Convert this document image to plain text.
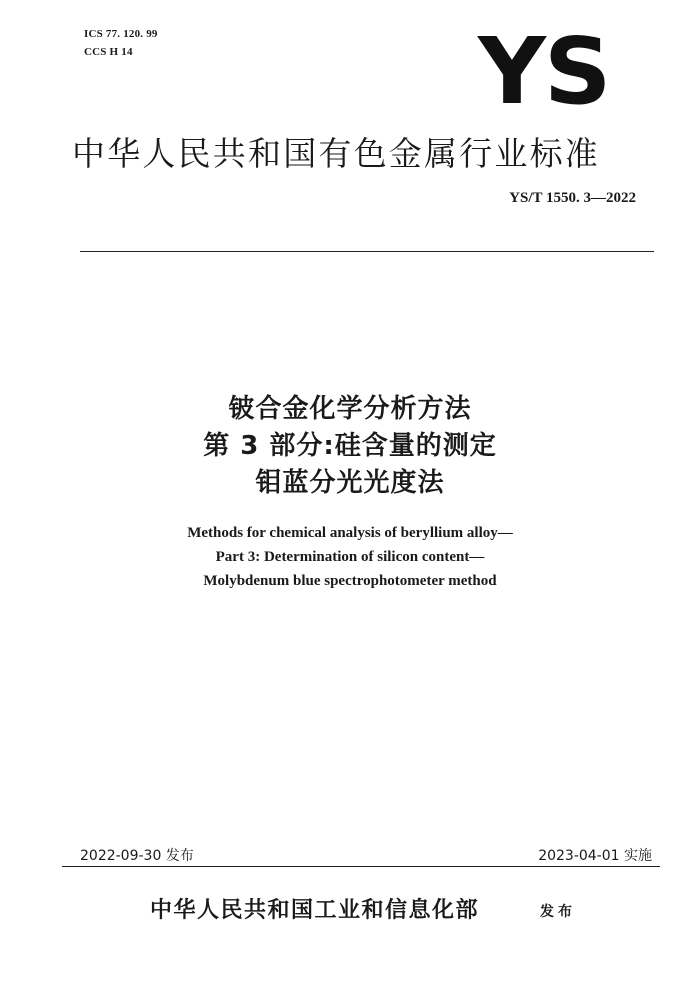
ICS 77. 120. 99
CCS H 14	YS
中华人民共和国有色金属行业标准
YS/T 1550. 3—2022
铍合金化学分析方法
第 3 部分:硅含量的测定
钼蓝分光光度法
Methods for chemical analysis of beryllium alloy—
Part 3: Determination of silicon content—
Molybdenum blue spectrophotometer method
2022-09-30 发布	2023-04-01 实施
中华人民共和国工业和信息化部	发布
